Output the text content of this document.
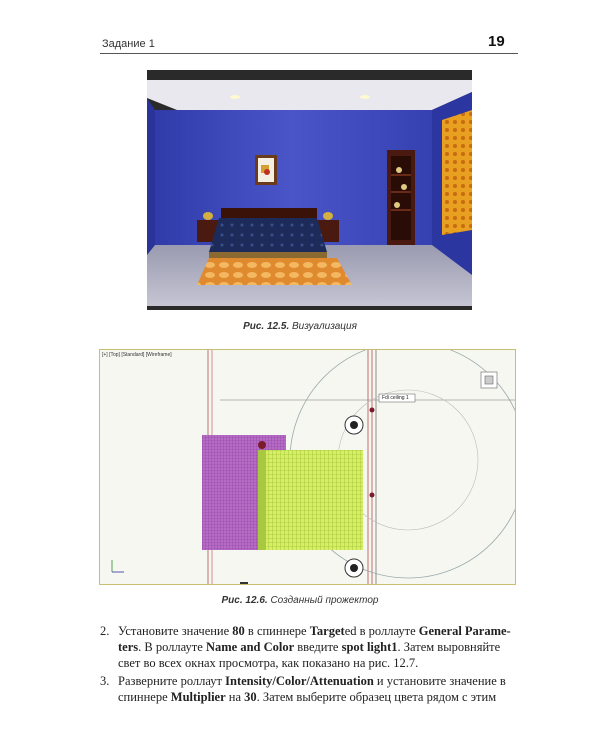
Задание 1	19
Рис. 12.5. Визуализация
[+] [Top] [Standard] [Wireframe]
Fdi ceiling 1
Рис. 12.6. Созданный прожектор
2. Установите значение 80 в спиннере Targeted в роллауте General Parame-ters. В роллауте Name and Color введите spot light1. Затем выровняйте свет во всех окнах просмотра, как показано на рис. 12.7.

3. Разверните роллаут Intensity/Color/Attenuation и установите значение в спиннере Multiplier на 30. Затем выберите образец цвета рядом с этим
